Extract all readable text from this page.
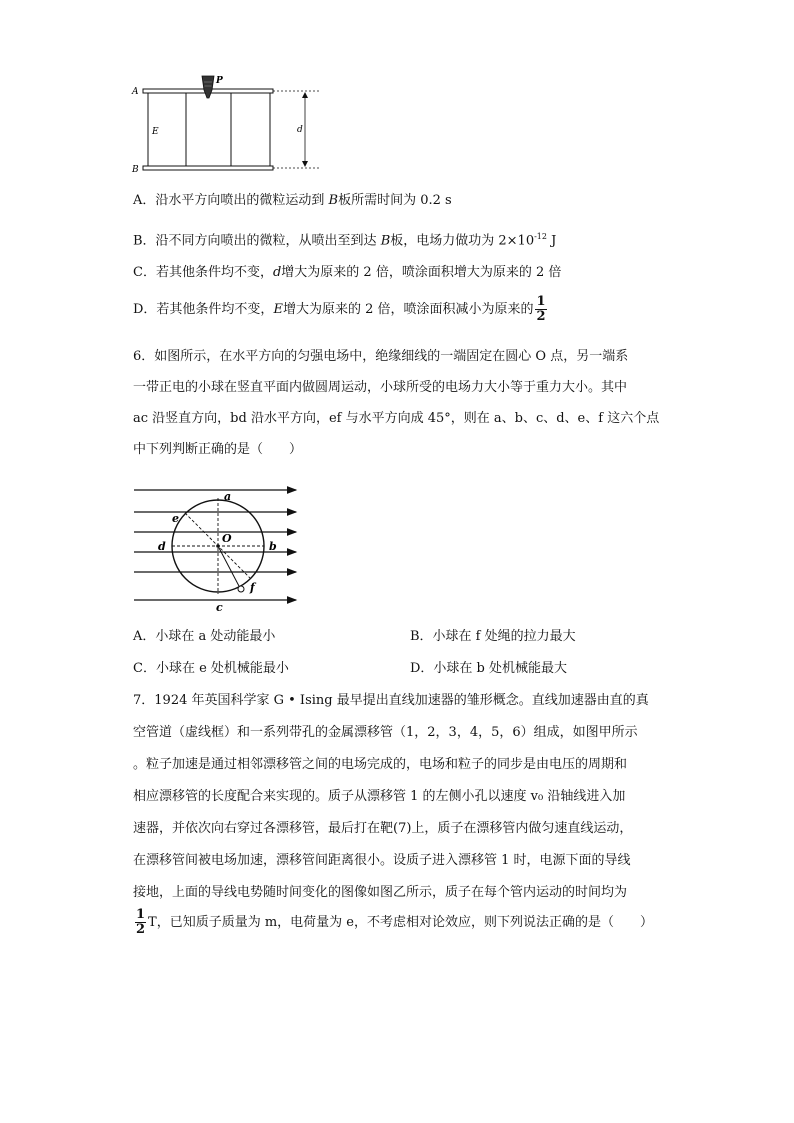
A
B
P
E	d
A．沿水平方向喷出的微粒运动到 B板所需时间为 0.2 s
B．沿不同方向喷出的微粒，从喷出至到达 B板，电场力做功为 $2\times 10^{-12}$ J
C．若其他条件均不变，d增大为原来的 2 倍，喷涂面积增大为原来的 2 倍
D．若其他条件均不变，E增大为原来的 2 倍，喷涂面积减小为原来的 $\frac{1}{2}$
6．如图所示，在水平方向的匀强电场中，绝缘细线的一端固定在圆心 O 点，另一端系
一带正电的小球在竖直平面内做圆周运动，小球所受的电场力大小等于重力大小。其中
ac 沿竖直方向，bd 沿水平方向，ef 与水平方向成 45°，则在 a、b、c、d、e、f 这六个点
中下列判断正确的是（　　）
a
b
c
d
e
f
O
A．小球在 a 处动能最小	B．小球在 f 处绳的拉力最大
C．小球在 e 处机械能最小	D．小球在 b 处机械能最大
7．1924 年英国科学家 G • Ising 最早提出直线加速器的雏形概念。直线加速器由直的真
空管道（虚线框）和一系列带孔的金属漂移管（1，2，3，4，5，6）组成，如图甲所示
。粒子加速是通过相邻漂移管之间的电场完成的，电场和粒子的同步是由电压的周期和
相应漂移管的长度配合来实现的。质子从漂移管 1 的左侧小孔以速度 v₀ 沿轴线进入加
速器，并依次向右穿过各漂移管，最后打在靶(7)上，质子在漂移管内做匀速直线运动，
在漂移管间被电场加速，漂移管间距离很小。设质子进入漂移管 1 时，电源下面的导线
接地，上面的导线电势随时间变化的图像如图乙所示，质子在每个管内运动的时间均为
$\frac{1}{2}$ T，已知质子质量为 m，电荷量为 e，不考虑相对论效应，则下列说法正确的是（　　）
